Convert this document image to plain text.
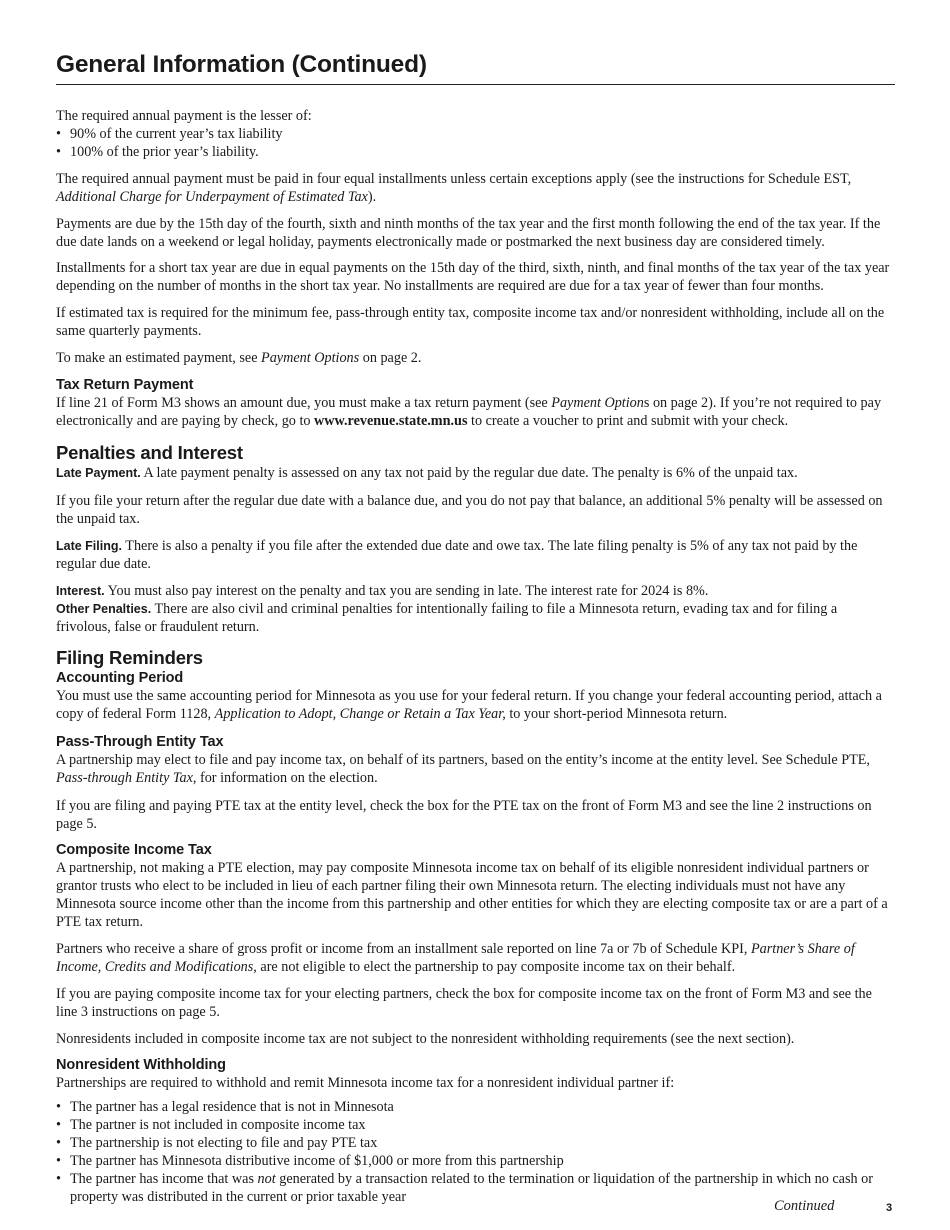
General Information (Continued)

The required annual payment is the lesser of:

• 90% of the current year’s tax liability
• 100% of the prior year’s liability.

The required annual payment must be paid in four equal installments unless certain exceptions apply (see the instructions for Schedule EST, Additional Charge for Underpayment of Estimated Tax).

Payments are due by the 15th day of the fourth, sixth and ninth months of the tax year and the first month following the end of the tax year. If the due date lands on a weekend or legal holiday, payments electronically made or postmarked the next business day are considered timely.

Installments for a short tax year are due in equal payments on the 15th day of the third, sixth, ninth, and final months of the tax year of the tax year depending on the number of months in the short tax year. No installments are required are due for a tax year of fewer than four months.

If estimated tax is required for the minimum fee, pass-through entity tax, composite income tax and/or nonresident withholding, include all on the same quarterly payments.

To make an estimated payment, see Payment Options on page 2.

Tax Return Payment

If line 21 of Form M3 shows an amount due, you must make a tax return payment (see Payment Options on page 2). If you’re not required to pay electronically and are paying by check, go to www.revenue.state.mn.us to create a voucher to print and submit with your check.

Penalties and Interest

Late Payment. A late payment penalty is assessed on any tax not paid by the regular due date. The penalty is 6% of the unpaid tax.

If you file your return after the regular due date with a balance due, and you do not pay that balance, an additional 5% penalty will be assessed on the unpaid tax.

Late Filing. There is also a penalty if you file after the extended due date and owe tax. The late filing penalty is 5% of any tax not paid by the regular due date.

Interest. You must also pay interest on the penalty and tax you are sending in late. The interest rate for 2024 is 8%.

Other Penalties. There are also civil and criminal penalties for intentionally failing to file a Minnesota return, evading tax and for filing a frivolous, false or fraudulent return.

Filing Reminders
Accounting Period

You must use the same accounting period for Minnesota as you use for your federal return. If you change your federal accounting period, attach a copy of federal Form 1128, Application to Adopt, Change or Retain a Tax Year, to your short-period Minnesota return.

Pass-Through Entity Tax

A partnership may elect to file and pay income tax, on behalf of its partners, based on the entity’s income at the entity level. See Schedule PTE, Pass-through Entity Tax, for information on the election.

If you are filing and paying PTE tax at the entity level, check the box for the PTE tax on the front of Form M3 and see the line 2 instructions on page 5.

Composite Income Tax

A partnership, not making a PTE election, may pay composite Minnesota income tax on behalf of its eligible nonresident individual partners or grantor trusts who elect to be included in lieu of each partner filing their own Minnesota return. The electing individuals must not have any Minnesota source income other than the income from this partnership and other entities for which they are electing composite tax or are a part of a PTE tax return.

Partners who receive a share of gross profit or income from an installment sale reported on line 7a or 7b of Schedule KPI, Partner’s Share of Income, Credits and Modifications, are not eligible to elect the partnership to pay composite income tax on their behalf.

If you are paying composite income tax for your electing partners, check the box for composite income tax on the front of Form M3 and see the line 3 instructions on page 5.

Nonresidents included in composite income tax are not subject to the nonresident withholding requirements (see the next section).

Nonresident Withholding

Partnerships are required to withhold and remit Minnesota income tax for a nonresident individual partner if:

• The partner has a legal residence that is not in Minnesota
• The partner is not included in composite income tax
• The partnership is not electing to file and pay PTE tax
• The partner has Minnesota distributive income of $1,000 or more from this partnership
• The partner has income that was not generated by a transaction related to the termination or liquidation of the partnership in which no cash or property was distributed in the current or prior taxable year
Continued	3
